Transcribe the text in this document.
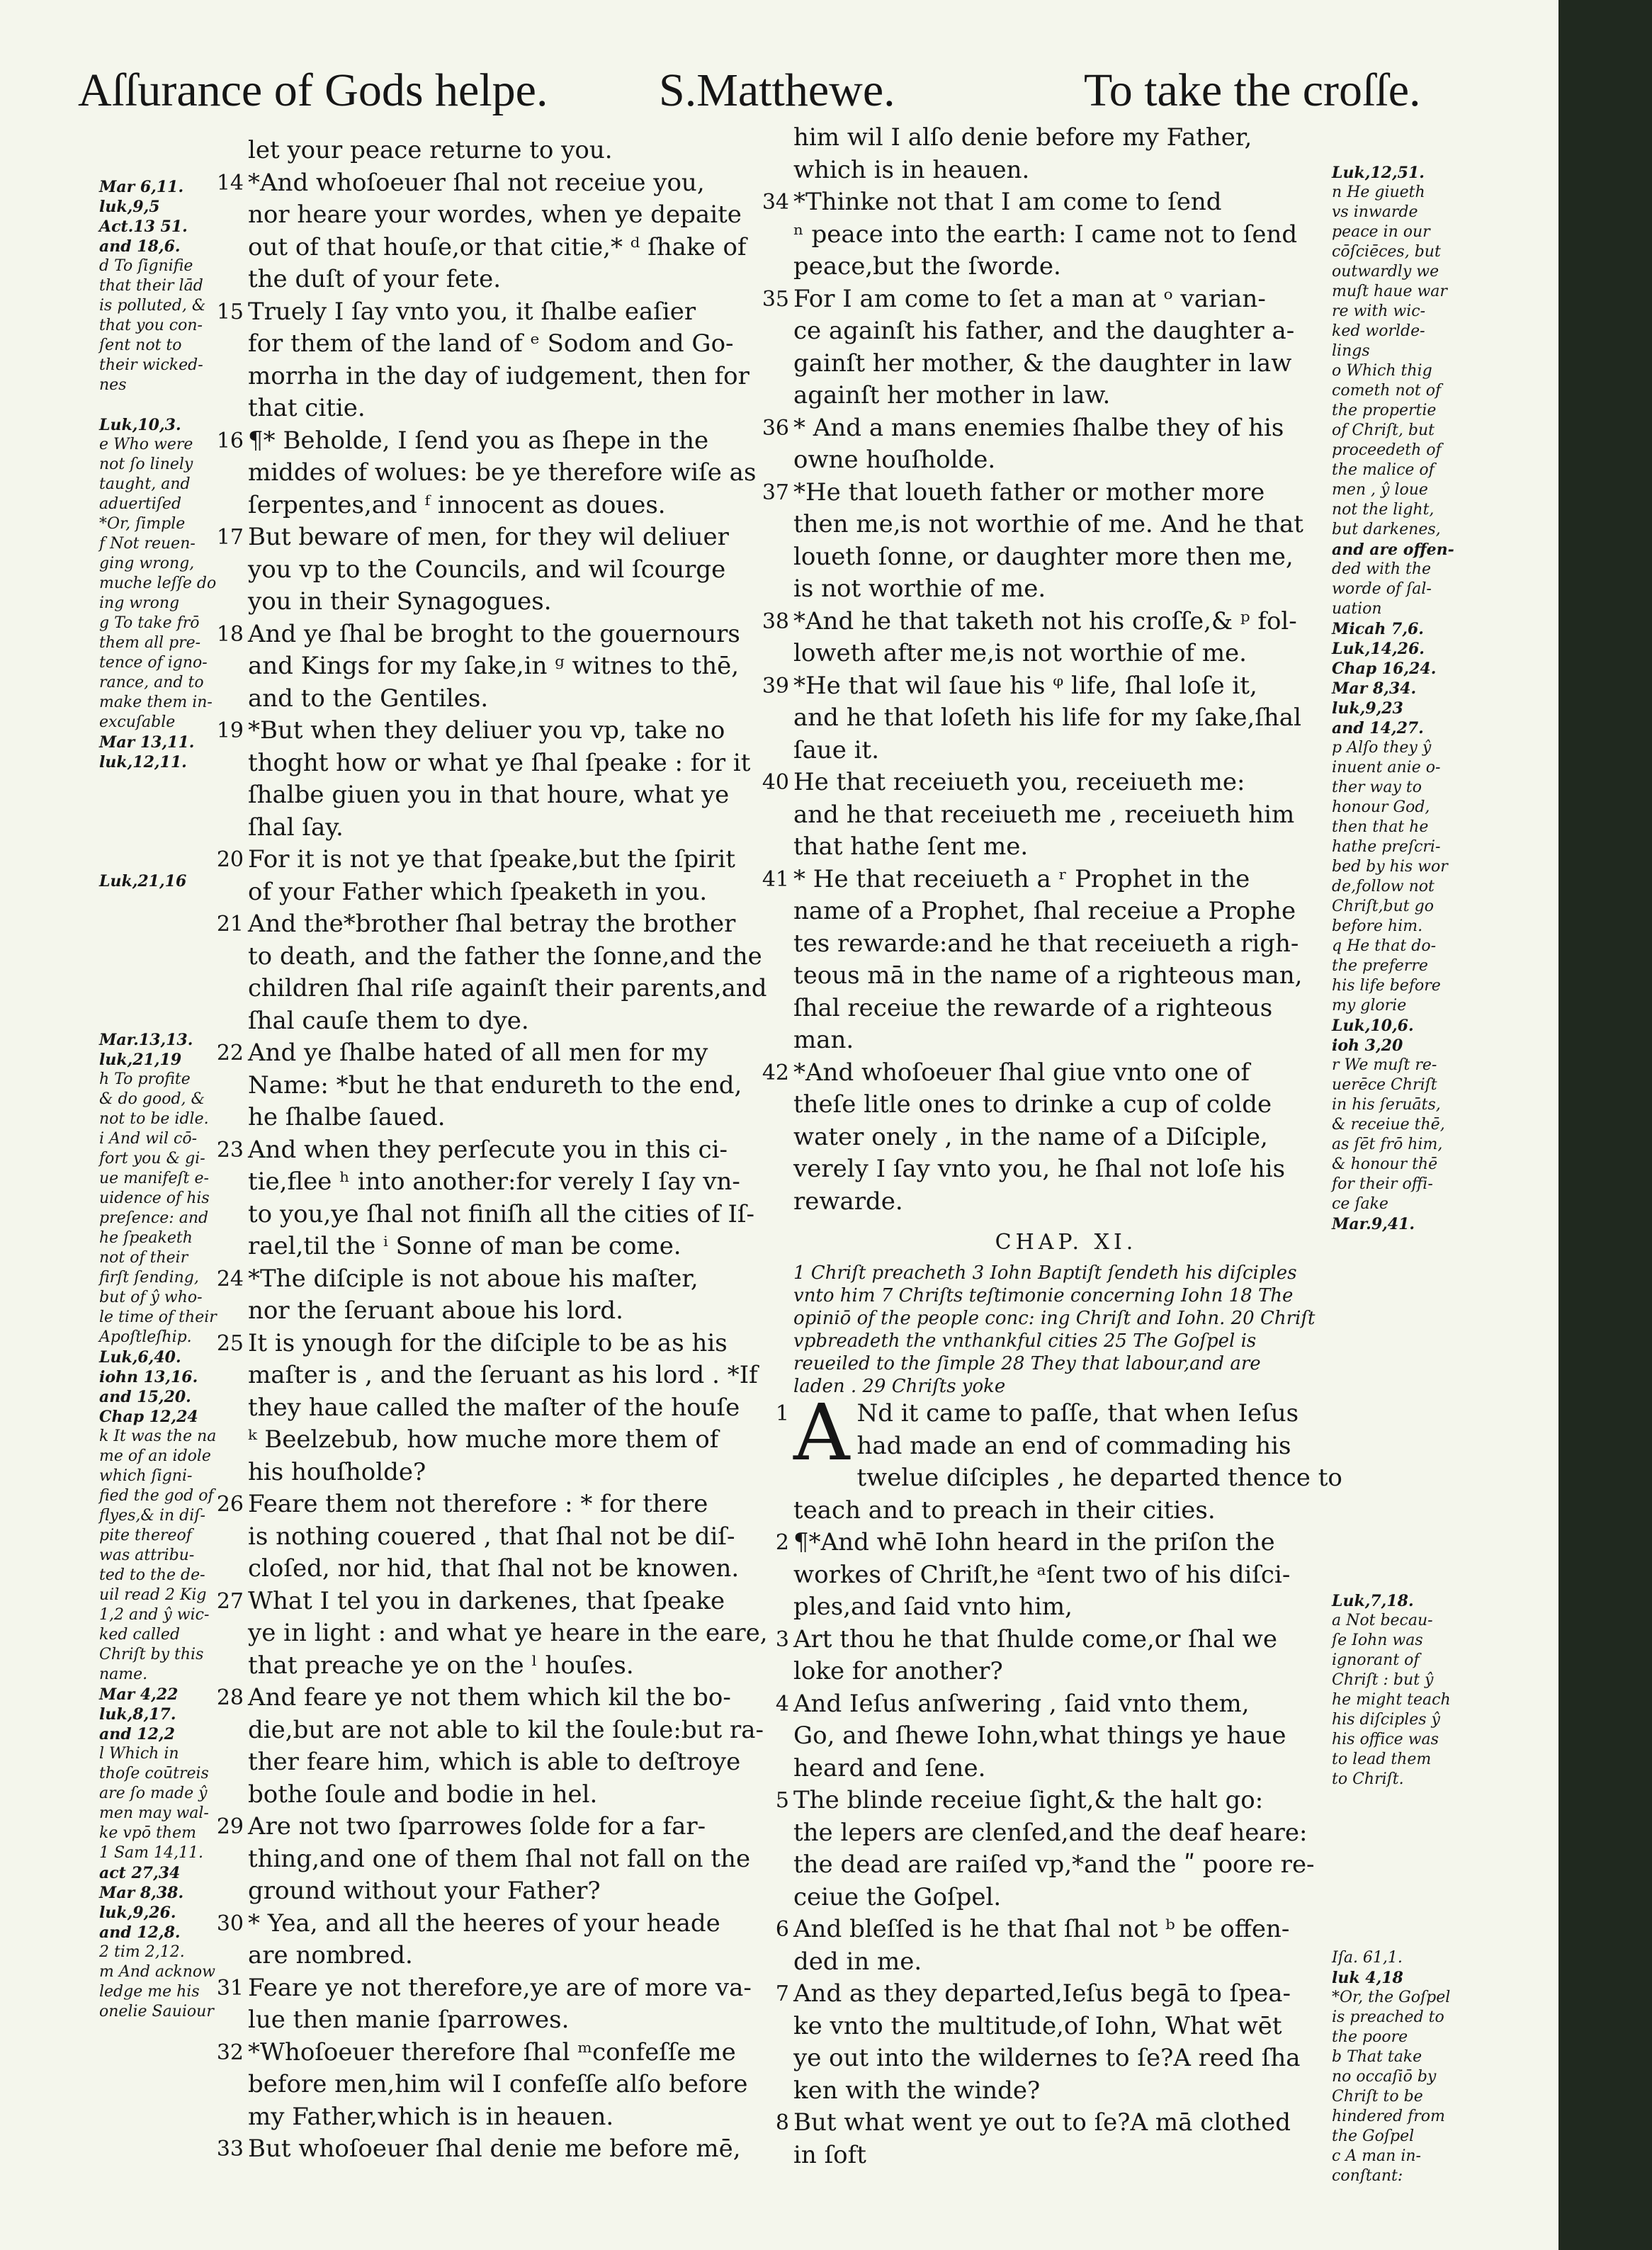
Aſſurance of Gods helpe. S.Matthewe.	To take the croſſe.
Mar 6,11.
luk,9,5
Act.13 51.
and 18,6.
d To ſignifie
that their lād
is polluted, &
that you con-
ſent not to
their wicked-
nes
Luk,10,3.
e Who were
not ſo linely
taught, and
aduertiſed
*Or, ſimple
f Not reuen-
ging wrong,
muche leſſe do
ing wrong
g To take frō
them all pre-
tence of igno-
rance, and to
make them in-
excuſable
Mar 13,11.
luk,12,11.
Luk,21,16
Mar.13,13.
luk,21,19
h To profite
& do good, &
not to be idle.
i And wil cō-
fort you & gi-
ue manifeſt e-
uidence of his
preſence: and
he ſpeaketh
not of their
firſt ſending,
but of ŷ who-
le time of their
Apoſtleſhip.
Luk,6,40.
iohn 13,16.
and 15,20.
Chap 12,24
k It was the na
me of an idole
which ſigni-
fied the god of
flyes,& in diſ-
pite thereof
was attribu-
ted to the de-
uil read 2 Kig
1,2 and ŷ wic-
ked called
Chriſt by this
name.
Mar 4,22
luk,8,17.
and 12,2
l Which in
thoſe coūtreis
are ſo made ŷ
men may wal-
ke vpō them
1 Sam 14,11.
act 27,34
Mar 8,38.
luk,9,26.
and 12,8.
2 tim 2,12.
m And acknow
ledge me his
onelie Sauiour
let your peace returne to you.
14 *And whoſoeuer ſhal not receiue you,
nor heare your wordes, when ye depaite
out of that houſe,or that citie,* ᵈ ſhake of
the duſt of your fete.
15 Truely I ſay vnto you, it ſhalbe eaſier
for them of the land of ᵉ Sodom and Go-
morrha in the day of iudgement, then for
that citie.
16 ¶* Beholde, I ſend you as ſhepe in the
middes of wolues: be ye therefore wiſe as
ſerpentes,and ᶠ innocent as doues.
17 But beware of men, for they wil deliuer
you vp to the Councils, and wil ſcourge
you in their Synagogues.
18 And ye ſhal be broght to the gouernours
and Kings for my ſake,in ᵍ witnes to thē,
and to the Gentiles.
19 *But when they deliuer you vp, take no
thoght how or what ye ſhal ſpeake : for it
ſhalbe giuen you in that houre, what ye
ſhal ſay.
20 For it is not ye that ſpeake,but the ſpirit
of your Father which ſpeaketh in you.
21 And the*brother ſhal betray the brother
to death, and the father the ſonne,and the
children ſhal riſe againſt their parents,and
ſhal cauſe them to dye.
22 And ye ſhalbe hated of all men for my
Name: *but he that endureth to the end,
he ſhalbe ſaued.
23 And when they perſecute you in this ci-
tie,flee ʰ into another:for verely I ſay vn-
to you,ye ſhal not finiſh all the cities of Iſ-
rael,til the ⁱ Sonne of man be come.
24 *The diſciple is not aboue his maſter,
nor the ſeruant aboue his lord.
25 It is ynough for the diſciple to be as his
maſter is , and the ſeruant as his lord . *If
they haue called the maſter of the houſe
ᵏ Beelzebub, how muche more them of
his houſholde?
26 Feare them not therefore : * for there
is nothing couered , that ſhal not be diſ-
cloſed, nor hid, that ſhal not be knowen.
27 What I tel you in darkenes, that ſpeake
ye in light : and what ye heare in the eare,
that preache ye on the ˡ houſes.
28 And feare ye not them which kil the bo-
die,but are not able to kil the ſoule:but ra-
ther feare him, which is able to deſtroye
bothe ſoule and bodie in hel.
29 Are not two ſparrowes ſolde for a far-
thing,and one of them ſhal not fall on the
ground without your Father?
30 * Yea, and all the heeres of your heade
are nombred.
31 Feare ye not therefore,ye are of more va-
lue then manie ſparrowes.
32 *Whoſoeuer therefore ſhal ᵐconfeſſe me
before men,him wil I confeſſe alſo before
my Father,which is in heauen.
33 But whoſoeuer ſhal denie me before mē,
him wil I alſo denie before my Father,
which is in heauen.
34 *Thinke not that I am come to ſend
ⁿ peace into the earth: I came not to ſend
peace,but the ſworde.
35 For I am come to ſet a man at ᵒ varian-
ce againſt his father, and the daughter a-
gainſt her mother, & the daughter in law
againſt her mother in law.
36 * And a mans enemies ſhalbe they of his
owne houſholde.
37 *He that loueth father or mother more
then me,is not worthie of me. And he that
loueth ſonne, or daughter more then me,
is not worthie of me.
38 *And he that taketh not his croſſe,& ᵖ fol-
loweth after me,is not worthie of me.
39 *He that wil ſaue his ᵠ life, ſhal loſe it,
and he that loſeth his life for my ſake,ſhal
ſaue it.
40 He that receiueth you, receiueth me:
and he that receiueth me , receiueth him
that hathe ſent me.
41 * He that receiueth a ʳ Prophet in the
name of a Prophet, ſhal receiue a Prophe
tes rewarde:and he that receiueth a righ-
teous mā in the name of a righteous man,
ſhal receiue the rewarde of a righteous
man.
42 *And whoſoeuer ſhal giue vnto one of
theſe litle ones to drinke a cup of colde
water onely , in the name of a Diſciple,
verely I ſay vnto you, he ſhal not loſe his
rewarde.
CHAP. XI.
1 Chriſt preacheth 3 Iohn Baptiſt ſendeth his diſciples
vnto him 7 Chriſts teſtimonie concerning Iohn 18 The
opiniō of the people conc: ing Chriſt and Iohn. 20 Chriſt
vpbreadeth the vnthankful cities 25 The Goſpel is
reueiled to the ſimple 28 They that labour,and are
laden . 29 Chriſts yoke
A
1	Nd it came to paſſe, that when Ieſus
had made an end of commading his
twelue diſciples , he departed thence to
teach and to preach in their cities.
2 ¶*And whē Iohn heard in the priſon the
workes of Chriſt,he ᵃſent two of his diſci-
ples,and ſaid vnto him,
3 Art thou he that ſhulde come,or ſhal we
loke for another?
4 And Ieſus anſwering , ſaid vnto them,
Go, and ſhewe Iohn,what things ye haue
heard and ſene.
5 The blinde receiue ſight,& the halt go:
the lepers are clenſed,and the deaf heare:
the dead are raiſed vp,*and the ʺ poore re-
ceiue the Goſpel.
6 And bleſſed is he that ſhal not ᵇ be offen-
ded in me.
7 And as they departed,Ieſus begā to ſpea-
ke vnto the multitude,of Iohn, What wēt
ye out into the wildernes to ſe?A reed ſha
ken with the winde?
8 But what went ye out to ſe?A mā clothed
in ſoft
Luk,12,51.
n He giueth
vs inwarde
peace in our
cōſciēces, but
outwardly we
muſt haue war
re with wic-
ked worlde-
lings
o Which thig
cometh not of
the propertie
of Chriſt, but
proceedeth of
the malice of
men , ŷ loue
not the light,
but darkenes,
and are offen-
ded with the
worde of ſal-
uation
Micah 7,6.
Luk,14,26.
Chap 16,24.
Mar 8,34.
luk,9,23
and 14,27.
p Alſo they ŷ
inuent anie o-
ther way to
honour God,
then that he
hathe preſcri-
bed by his wor
de,follow not
Chriſt,but go
before him.
q He that do-
the preferre
his life before
my glorie
Luk,10,6.
ioh 3,20
r We muſt re-
uerēce Chriſt
in his ſeruāts,
& receiue thē,
as ſēt frō him,
& honour thē
for their offi-
ce ſake
Mar.9,41.
Luk,7,18.
a Not becau-
ſe Iohn was
ignorant of
Chriſt : but ŷ
he might teach
his diſciples ŷ
his office was
to lead them
to Chriſt.
Iſa. 61,1.
luk 4,18
*Or, the Goſpel
is preached to
the poore
b That take
no occaſiō by
Chriſt to be
hindered from
the Goſpel
c A man in-
conſtant:
